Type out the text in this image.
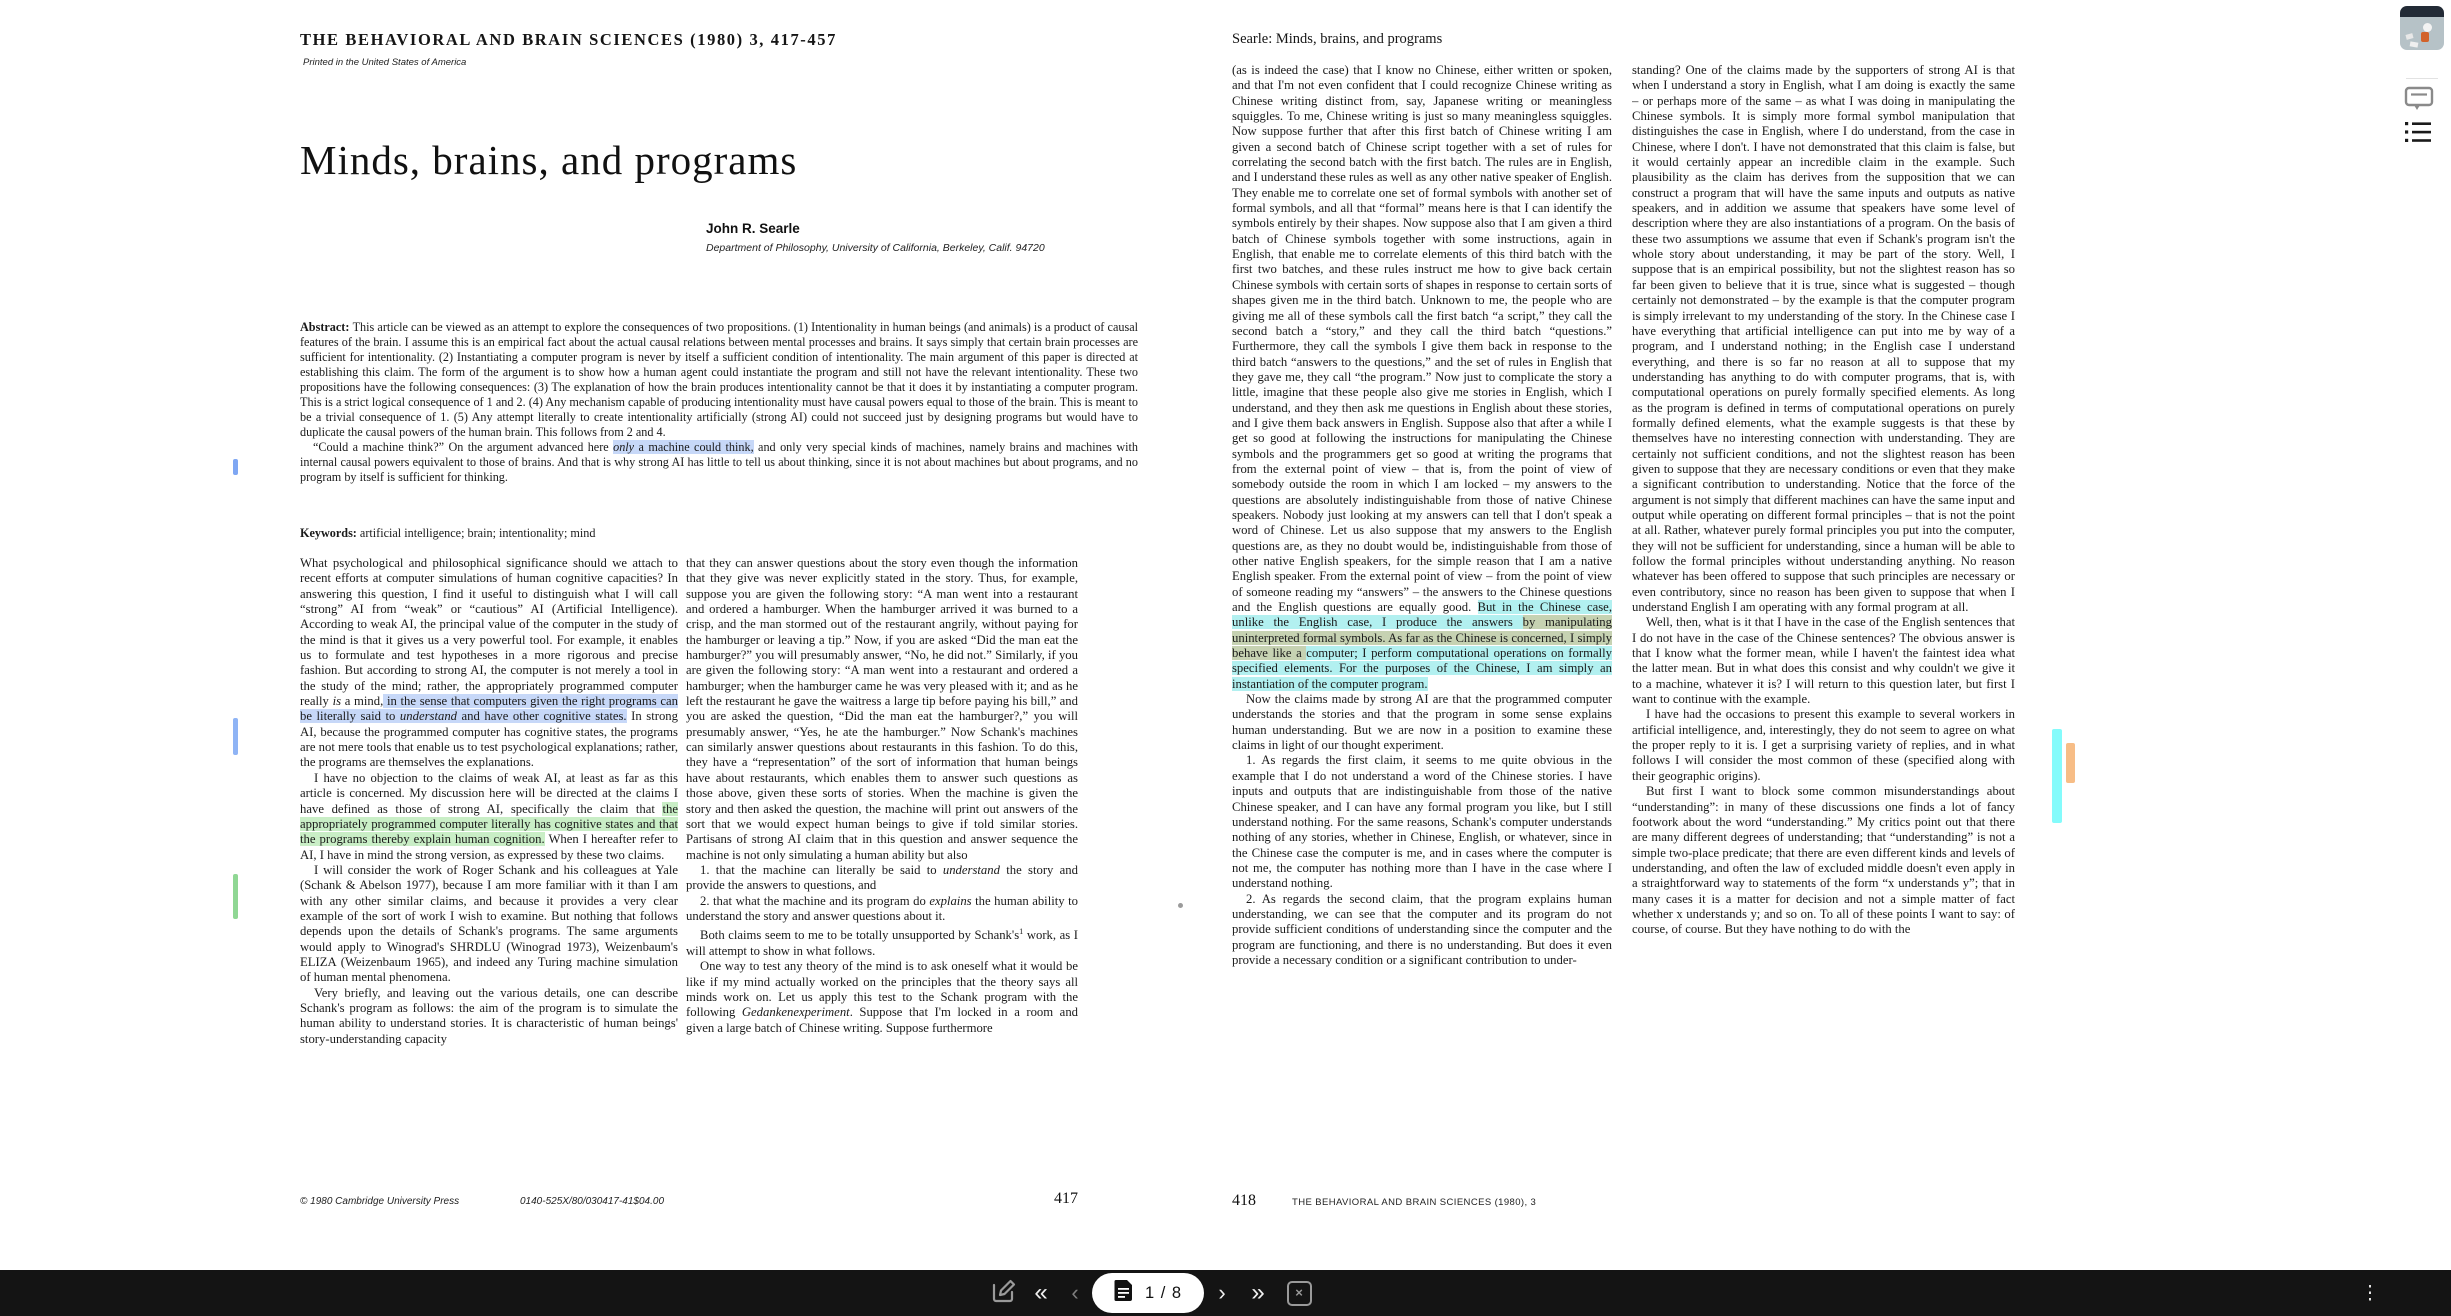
THE BEHAVIORAL AND BRAIN SCIENCES (1980) 3, 417-457
Printed in the United States of America
Minds, brains, and programs
John R. Searle
Department of Philosophy, University of California, Berkeley, Calif. 94720

Abstract: This article can be viewed as an attempt to explore the consequences of two propositions. (1) Intentionality in human beings (and animals) is a product of causal features of the brain. I assume this is an empirical fact about the actual causal relations between mental processes and brains. It says simply that certain brain processes are sufficient for intentionality. (2) Instantiating a computer program is never by itself a sufficient condition of intentionality. The main argument of this paper is directed at establishing this claim. The form of the argument is to show how a human agent could instantiate the program and still not have the relevant intentionality. These two propositions have the following consequences: (3) The explanation of how the brain produces intentionality cannot be that it does it by instantiating a computer program. This is a strict logical consequence of 1 and 2. (4) Any mechanism capable of producing intentionality must have causal powers equal to those of the brain. This is meant to be a trivial consequence of 1. (5) Any attempt literally to create intentionality artificially (strong AI) could not succeed just by designing programs but would have to duplicate the causal powers of the human brain. This follows from 2 and 4.

“Could a machine think?” On the argument advanced here only a machine could think, and only very special kinds of machines, namely brains and machines with internal causal powers equivalent to those of brains. And that is why strong AI has little to tell us about thinking, since it is not about machines but about programs, and no program by itself is sufficient for thinking.

Keywords: artificial intelligence; brain; intentionality; mind

What psychological and philosophical significance should we attach to recent efforts at computer simulations of human cognitive capacities? In answering this question, I find it useful to distinguish what I will call “strong” AI from “weak” or “cautious” AI (Artificial Intelligence). According to weak AI, the principal value of the computer in the study of the mind is that it gives us a very powerful tool. For example, it enables us to formulate and test hypotheses in a more rigorous and precise fashion. But according to strong AI, the computer is not merely a tool in the study of the mind; rather, the appropriately programmed computer really is a mind, in the sense that computers given the right programs can be literally said to understand and have other cognitive states. In strong AI, because the programmed computer has cognitive states, the programs are not mere tools that enable us to test psychological explanations; rather, the programs are themselves the explanations.

I have no objection to the claims of weak AI, at least as far as this article is concerned. My discussion here will be directed at the claims I have defined as those of strong AI, specifically the claim that the appropriately programmed computer literally has cognitive states and that the programs thereby explain human cognition. When I hereafter refer to AI, I have in mind the strong version, as expressed by these two claims.

I will consider the work of Roger Schank and his colleagues at Yale (Schank & Abelson 1977), because I am more familiar with it than I am with any other similar claims, and because it provides a very clear example of the sort of work I wish to examine. But nothing that follows depends upon the details of Schank's programs. The same arguments would apply to Winograd's SHRDLU (Winograd 1973), Weizenbaum's ELIZA (Weizenbaum 1965), and indeed any Turing machine simulation of human mental phenomena.

Very briefly, and leaving out the various details, one can describe Schank's program as follows: the aim of the program is to simulate the human ability to understand stories. It is characteristic of human beings' story-understanding capacity

that they can answer questions about the story even though the information that they give was never explicitly stated in the story. Thus, for example, suppose you are given the following story: “A man went into a restaurant and ordered a hamburger. When the hamburger arrived it was burned to a crisp, and the man stormed out of the restaurant angrily, without paying for the hamburger or leaving a tip.” Now, if you are asked “Did the man eat the hamburger?” you will presumably answer, “No, he did not.” Similarly, if you are given the following story: “A man went into a restaurant and ordered a hamburger; when the hamburger came he was very pleased with it; and as he left the restaurant he gave the waitress a large tip before paying his bill,” and you are asked the question, “Did the man eat the hamburger?,” you will presumably answer, “Yes, he ate the hamburger.” Now Schank's machines can similarly answer questions about restaurants in this fashion. To do this, they have a “representation” of the sort of information that human beings have about restaurants, which enables them to answer such questions as those above, given these sorts of stories. When the machine is given the story and then asked the question, the machine will print out answers of the sort that we would expect human beings to give if told similar stories. Partisans of strong AI claim that in this question and answer sequence the machine is not only simulating a human ability but also

1. that the machine can literally be said to understand the story and provide the answers to questions, and

2. that what the machine and its program do explains the human ability to understand the story and answer questions about it.

Both claims seem to me to be totally unsupported by $Schank's^1$ work, as I will attempt to show in what follows.

One way to test any theory of the mind is to ask oneself what it would be like if my mind actually worked on the principles that the theory says all minds work on. Let us apply this test to the Schank program with the following Gedankenexperiment. Suppose that I'm locked in a room and given a large batch of Chinese writing. Suppose furthermore

© 1980 Cambridge University Press	0140-525X/80/030417-41$04.00	417
Searle: Minds, brains, and programs

(as is indeed the case) that I know no Chinese, either written or spoken, and that I'm not even confident that I could recognize Chinese writing as Chinese writing distinct from, say, Japanese writing or meaningless squiggles. To me, Chinese writing is just so many meaningless squiggles. Now suppose further that after this first batch of Chinese writing I am given a second batch of Chinese script together with a set of rules for correlating the second batch with the first batch. The rules are in English, and I understand these rules as well as any other native speaker of English. They enable me to correlate one set of formal symbols with another set of formal symbols, and all that “formal” means here is that I can identify the symbols entirely by their shapes. Now suppose also that I am given a third batch of Chinese symbols together with some instructions, again in English, that enable me to correlate elements of this third batch with the first two batches, and these rules instruct me how to give back certain Chinese symbols with certain sorts of shapes in response to certain sorts of shapes given me in the third batch. Unknown to me, the people who are giving me all of these symbols call the first batch “a script,” they call the second batch a “story,” and they call the third batch “questions.” Furthermore, they call the symbols I give them back in response to the third batch “answers to the questions,” and the set of rules in English that they gave me, they call “the program.” Now just to complicate the story a little, imagine that these people also give me stories in English, which I understand, and they then ask me questions in English about these stories, and I give them back answers in English. Suppose also that after a while I get so good at following the instructions for manipulating the Chinese symbols and the programmers get so good at writing the programs that from the external point of view – that is, from the point of view of somebody outside the room in which I am locked – my answers to the questions are absolutely indistinguishable from those of native Chinese speakers. Nobody just looking at my answers can tell that I don't speak a word of Chinese. Let us also suppose that my answers to the English questions are, as they no doubt would be, indistinguishable from those of other native English speakers, for the simple reason that I am a native English speaker. From the external point of view – from the point of view of someone reading my “answers” – the answers to the Chinese questions and the English questions are equally good. But in the Chinese case, unlike the English case, I produce the answers by manipulating uninterpreted formal symbols. As far as the Chinese is concerned, I simply behave like a computer; I perform computational operations on formally specified elements. For the purposes of the Chinese, I am simply an instantiation of the computer program.

Now the claims made by strong AI are that the programmed computer understands the stories and that the program in some sense explains human understanding. But we are now in a position to examine these claims in light of our thought experiment.

1. As regards the first claim, it seems to me quite obvious in the example that I do not understand a word of the Chinese stories. I have inputs and outputs that are indistinguishable from those of the native Chinese speaker, and I can have any formal program you like, but I still understand nothing. For the same reasons, Schank's computer understands nothing of any stories, whether in Chinese, English, or whatever, since in the Chinese case the computer is me, and in cases where the computer is not me, the computer has nothing more than I have in the case where I understand nothing.

2. As regards the second claim, that the program explains human understanding, we can see that the computer and its program do not provide sufficient conditions of understanding since the computer and the program are functioning, and there is no understanding. But does it even provide a necessary condition or a significant contribution to under-

standing? One of the claims made by the supporters of strong AI is that when I understand a story in English, what I am doing is exactly the same – or perhaps more of the same – as what I was doing in manipulating the Chinese symbols. It is simply more formal symbol manipulation that distinguishes the case in English, where I do understand, from the case in Chinese, where I don't. I have not demonstrated that this claim is false, but it would certainly appear an incredible claim in the example. Such plausibility as the claim has derives from the supposition that we can construct a program that will have the same inputs and outputs as native speakers, and in addition we assume that speakers have some level of description where they are also instantiations of a program. On the basis of these two assumptions we assume that even if Schank's program isn't the whole story about understanding, it may be part of the story. Well, I suppose that is an empirical possibility, but not the slightest reason has so far been given to believe that it is true, since what is suggested – though certainly not demonstrated – by the example is that the computer program is simply irrelevant to my understanding of the story. In the Chinese case I have everything that artificial intelligence can put into me by way of a program, and I understand nothing; in the English case I understand everything, and there is so far no reason at all to suppose that my understanding has anything to do with computer programs, that is, with computational operations on purely formally specified elements. As long as the program is defined in terms of computational operations on purely formally defined elements, what the example suggests is that these by themselves have no interesting connection with understanding. They are certainly not sufficient conditions, and not the slightest reason has been given to suppose that they are necessary conditions or even that they make a significant contribution to understanding. Notice that the force of the argument is not simply that different machines can have the same input and output while operating on different formal principles – that is not the point at all. Rather, whatever purely formal principles you put into the computer, they will not be sufficient for understanding, since a human will be able to follow the formal principles without understanding anything. No reason whatever has been offered to suppose that such principles are necessary or even contributory, since no reason has been given to suppose that when I understand English I am operating with any formal program at all.

Well, then, what is it that I have in the case of the English sentences that I do not have in the case of the Chinese sentences? The obvious answer is that I know what the former mean, while I haven't the faintest idea what the latter mean. But in what does this consist and why couldn't we give it to a machine, whatever it is? I will return to this question later, but first I want to continue with the example.

I have had the occasions to present this example to several workers in artificial intelligence, and, interestingly, they do not seem to agree on what the proper reply to it is. I get a surprising variety of replies, and in what follows I will consider the most common of these (specified along with their geographic origins).

But first I want to block some common misunderstandings about “understanding”: in many of these discussions one finds a lot of fancy footwork about the word “understanding.” My critics point out that there are many different degrees of understanding; that “understanding” is not a simple two-place predicate; that there are even different kinds and levels of understanding, and often the law of excluded middle doesn't even apply in a straightforward way to statements of the form “x understands y”; that in many cases it is a matter for decision and not a simple matter of fact whether x understands y; and so on. To all of these points I want to say: of course, of course. But they have nothing to do with the

418	THE BEHAVIORAL AND BRAIN SCIENCES (1980), 3
« ‹	1 / 8 › »	×	⋮
